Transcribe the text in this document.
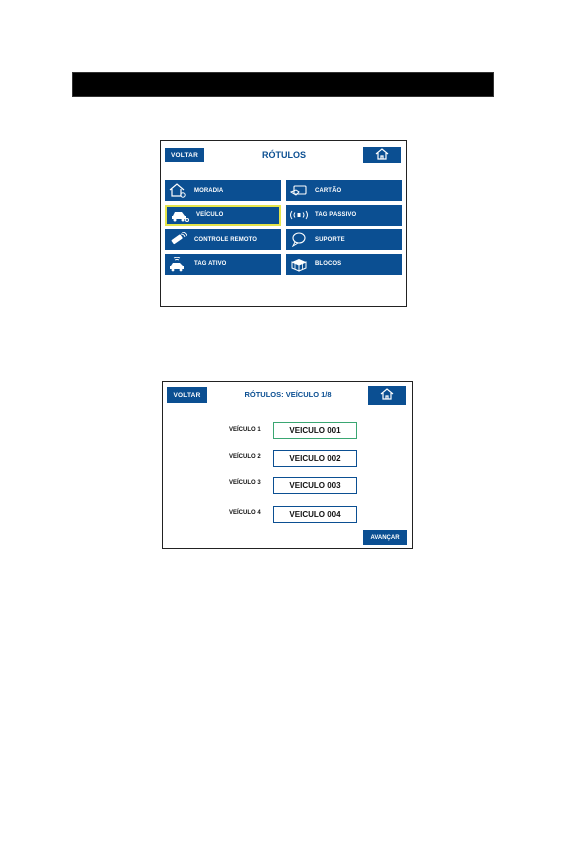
VOLTAR	RÓTULOS
MORADIA	CARTÃO
VEÍCULO	TAG PASSIVO
CONTROLE REMOTO	SUPORTE
TAG ATIVO	BLOCOS
VOLTAR	RÓTULOS: VEÍCULO 1/8
VEÍCULO 1	VEICULO 001
VEÍCULO 2	VEICULO 002
VEÍCULO 3	VEICULO 003
VEÍCULO 4	VEICULO 004
AVANÇAR
